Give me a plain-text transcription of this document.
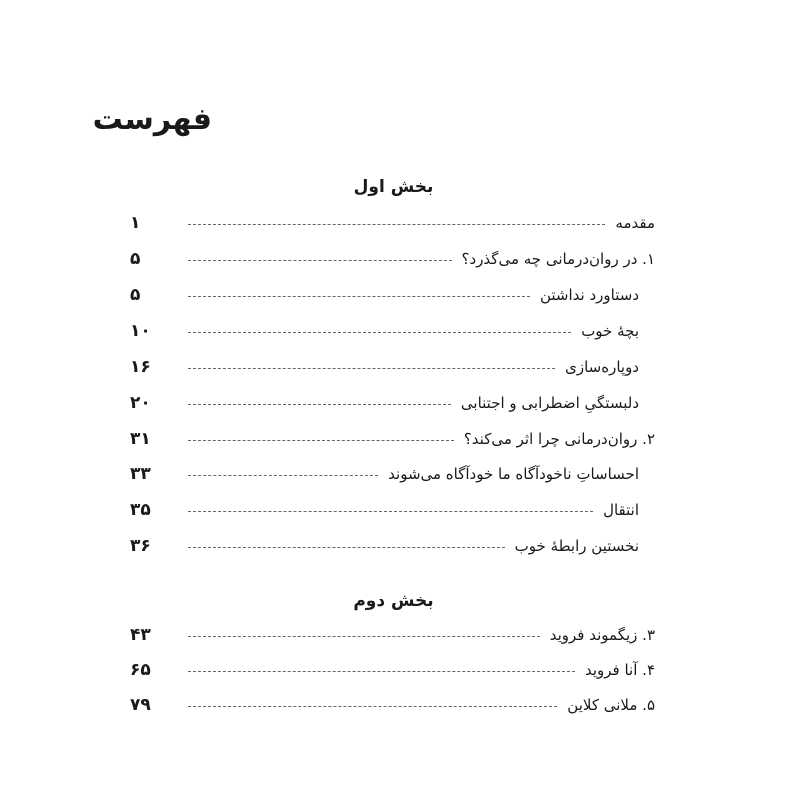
فهرست
بخش اول
مقدمه
۱
۱. در روان‌درمانی چه می‌گذرد؟
۵
دستاورد نداشتن
۵
بچهٔ خوب
۱۰
دوپاره‌سازی
۱۶
دلبستگیِ اضطرابی و اجتنابی
۲۰
۲. روان‌درمانی چرا اثر می‌کند؟
۳۱
احساساتِ ناخودآگاه ما خودآگاه می‌شوند
۳۳
انتقال
۳۵
نخستین رابطهٔ خوب
۳۶
بخش دوم
۳. زیگموند فروید
۴۳
۴. آنا فروید
۶۵
۵. ملانی کلاین
۷۹
